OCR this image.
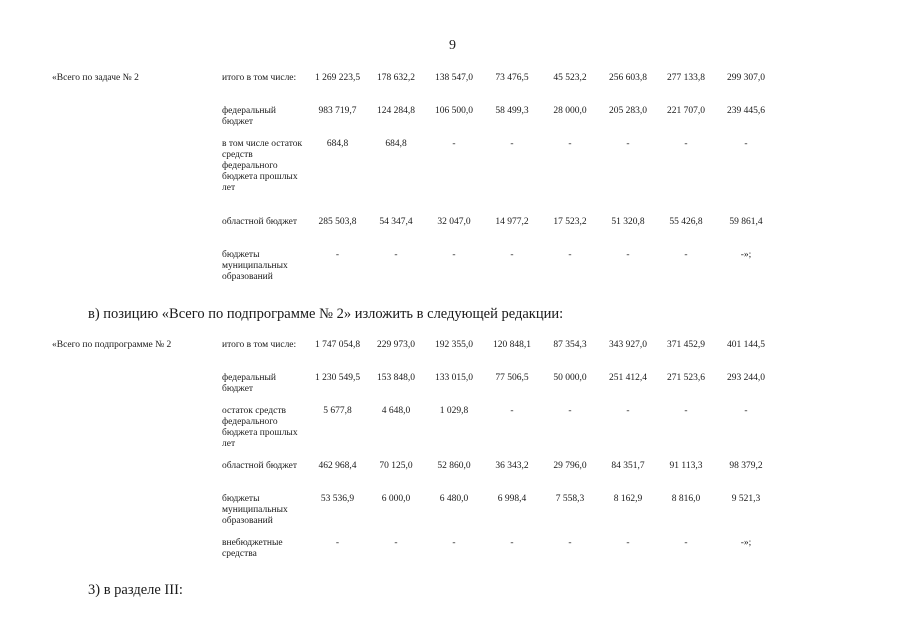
9
«Всего по задаче № 2	итого в том числе:	1 269 223,5	178 632,2	138 547,0	73 476,5	45 523,2	256 603,8	277 133,8	299 307,0
	федеральный бюджет	983 719,7	124 284,8	106 500,0	58 499,3	28 000,0	205 283,0	221 707,0	239 445,6
	в том числе остаток средств федерального бюджета прошлых лет	684,8	684,8	-	-	-	-	-	-
	областной бюджет	285 503,8	54 347,4	32 047,0	14 977,2	17 523,2	51 320,8	55 426,8	59 861,4
	бюджеты муниципальных образований	-	-	-	-	-	-	-	-»;
в) позицию «Всего по подпрограмме № 2» изложить в следующей редакции:
«Всего по подпрограмме № 2	итого в том числе:	1 747 054,8	229 973,0	192 355,0	120 848,1	87 354,3	343 927,0	371 452,9	401 144,5
	федеральный бюджет	1 230 549,5	153 848,0	133 015,0	77 506,5	50 000,0	251 412,4	271 523,6	293 244,0
	остаток средств федерального бюджета прошлых лет	5 677,8	4 648,0	1 029,8	-	-	-	-	-
	областной бюджет	462 968,4	70 125,0	52 860,0	36 343,2	29 796,0	84 351,7	91 113,3	98 379,2
	бюджеты муниципальных образований	53 536,9	6 000,0	6 480,0	6 998,4	7 558,3	8 162,9	8 816,0	9 521,3
	внебюджетные средства	-	-	-	-	-	-	-	-»;
3) в разделе III:
